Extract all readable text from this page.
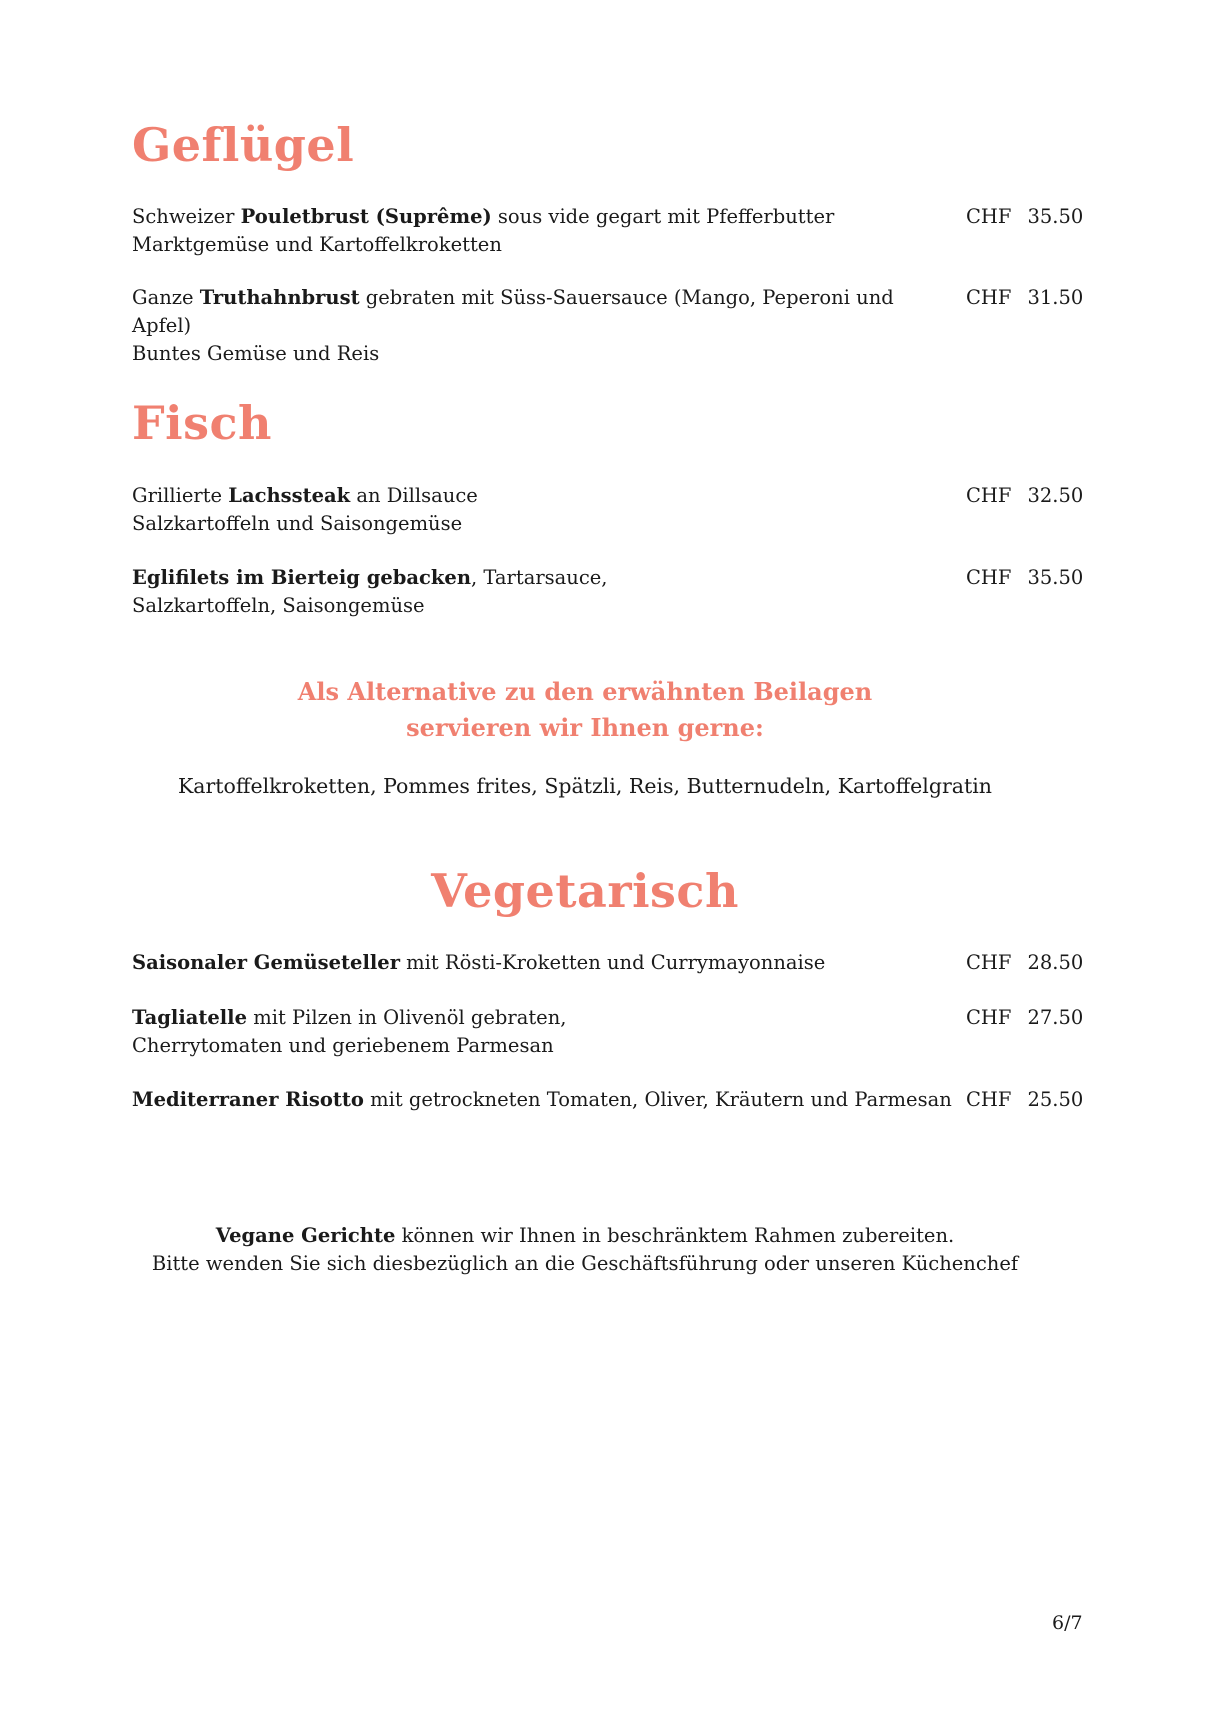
Geflügel
Schweizer Pouletbrust (Suprême) sous vide gegart mit Pfefferbutter
Marktgemüse und Kartoffelkroketten
CHF 35.50
Ganze Truthahnbrust gebraten mit Süss-Sauersauce (Mango, Peperoni und Apfel)
Buntes Gemüse und Reis
CHF 31.50
Fisch
Grillierte Lachssteak an Dillsauce
Salzkartoffeln und Saisongemüse
CHF 32.50
Eglifilets im Bierteig gebacken, Tartarsauce,
Salzkartoffeln, Saisongemüse
CHF 35.50
Als Alternative zu den erwähnten Beilagen
servieren wir Ihnen gerne:
Kartoffelkroketten, Pommes frites, Spätzli, Reis, Butternudeln, Kartoffelgratin
Vegetarisch
Saisonaler Gemüseteller mit Rösti-Kroketten und Currymayonnaise	CHF 28.50
Tagliatelle mit Pilzen in Olivenöl gebraten,
Cherrytomaten und geriebenem Parmesan
CHF 27.50
Mediterraner Risotto mit getrockneten Tomaten, Oliver, Kräutern und Parmesan CHF 25.50
Vegane Gerichte können wir Ihnen in beschränktem Rahmen zubereiten.
Bitte wenden Sie sich diesbezüglich an die Geschäftsführung oder unseren Küchenchef
6/7
